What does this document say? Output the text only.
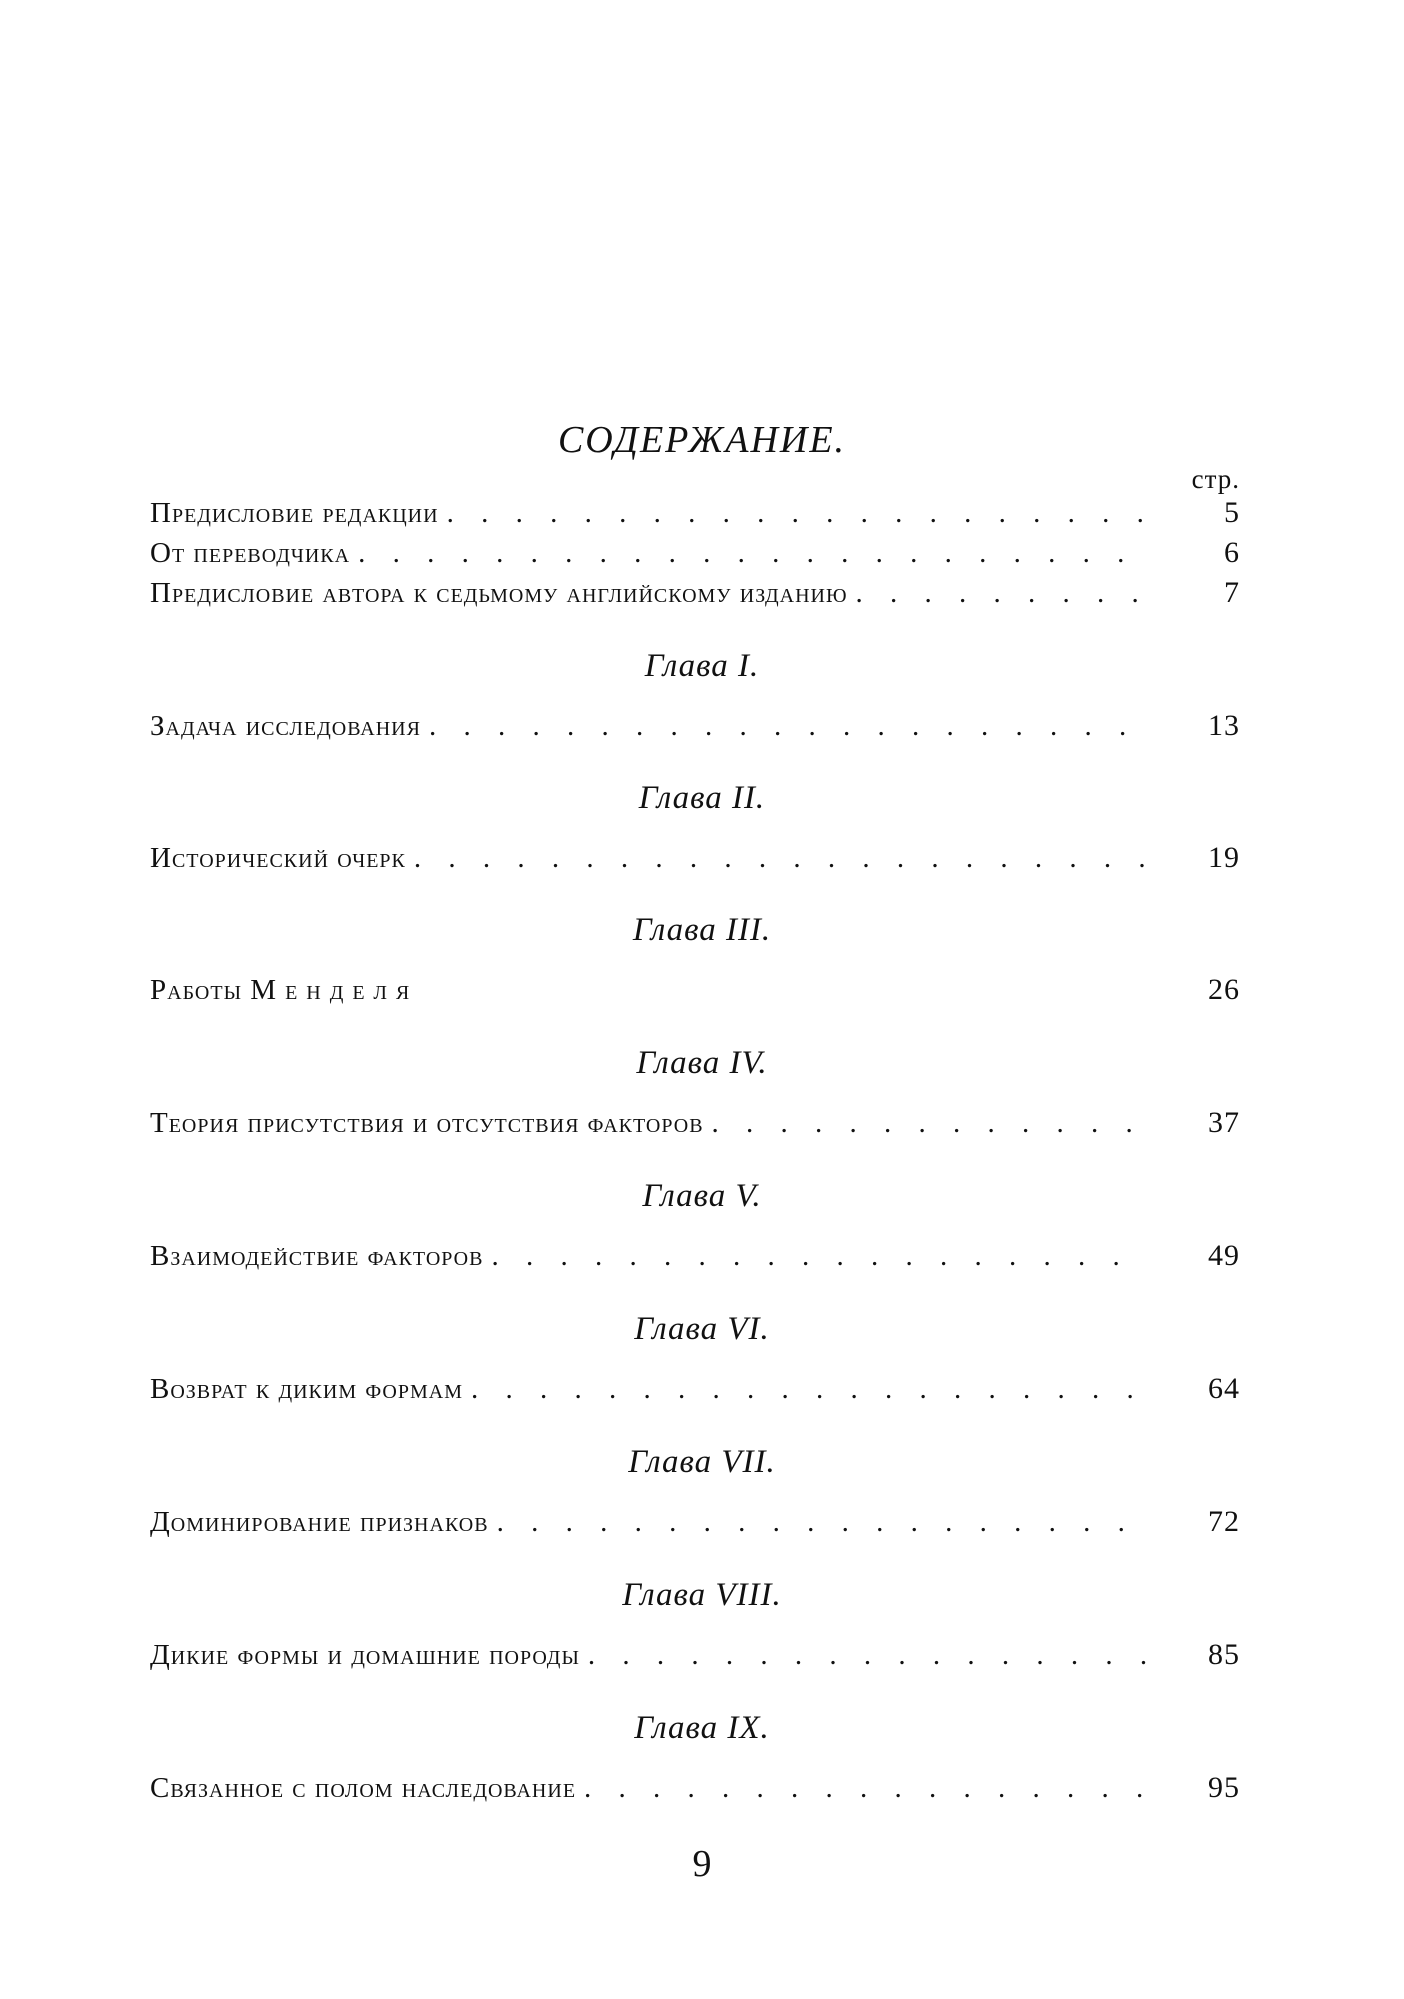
СОДЕРЖАНИЕ.
стр.
Предисловие редакции . . .	5
От переводчика . . .	6
Предисловие автора к седьмому английскому изданию . . .	7
Глава I.
Задача исследования . . .	13
Глава II.
Исторический очерк . . .	19
Глава III.
Работы Менделя	26
Глава IV.
Теория присутствия и отсутствия факторов . . .	37
Глава V.
Взаимодействие факторов . . .	49
Глава VI.
Возврат к диким формам . . .	64
Глава VII.
Доминирование признаков . . .	72
Глава VIII.
Дикие формы и домашние породы . . .	85
Глава IX.
Связанное с полом наследование . . .	95
9
